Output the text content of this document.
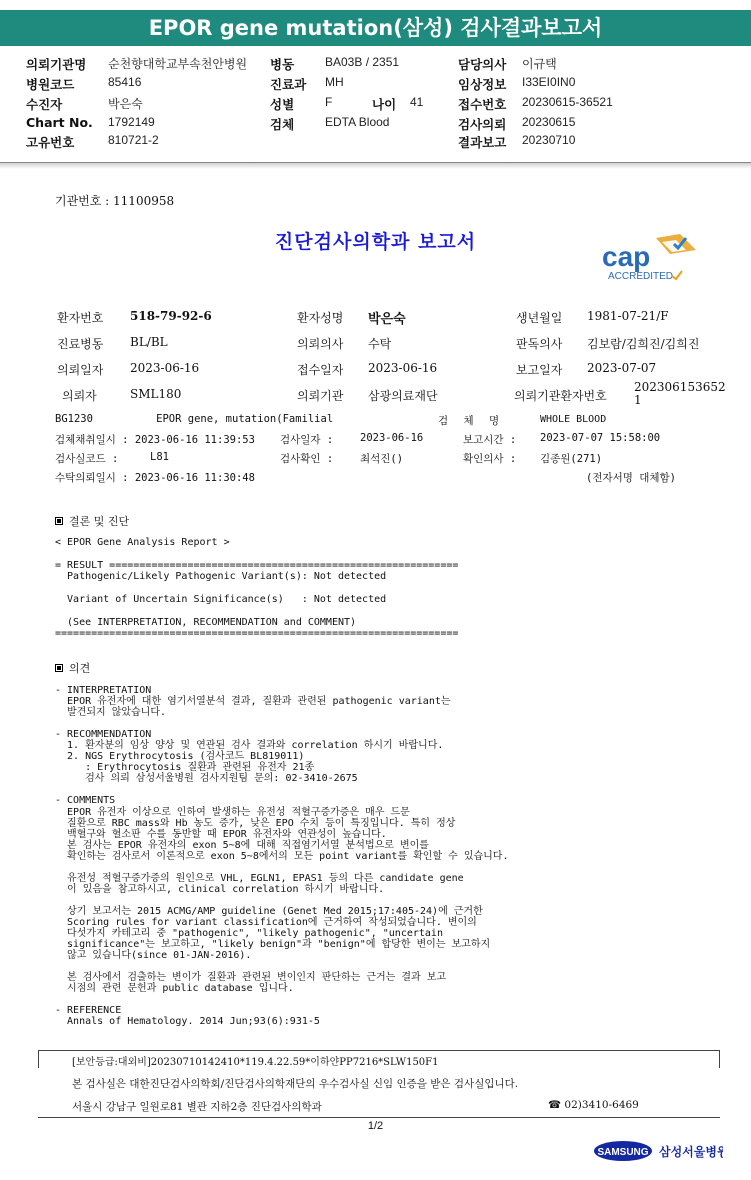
EPOR gene mutation(삼성) 검사결과보고서
의뢰기관명 순천향대학교부속천안병원 병동	BA03B / 2351	담당의사 이규택
병원코드	85416	진료과 MH	임상정보 I33EI0IN0
수진자	박은숙	성별	F	나이 41	접수번호 20230615-36521
Chart No. 1792149	검체	EDTA Blood	검사의뢰 20230615
고유번호	810721-2	결과보고 20230710
기관번호 : 11100958
진단검사의학과 보고서	cap
ACCREDITED
환자번호 518-79-92-6	환자성명 박은숙	생년월일 1981-07-21/F
진료병동 BL/BL	의뢰의사 수탁	판독의사 김보람/김희진/김희진
의뢰일자 2023-06-16	접수일자 2023-06-16	보고일자 2023-07-07
의뢰자	SML180	의뢰기관 삼광의료재단	의뢰기관환자번호
202306153652
1
BG1230          EPOR gene, mutation(Familial	검 체 명	WHOLE BLOOD
검체채취일시 : 2023-06-16 11:39:53 검사일자 :	2023-06-16	보고시간 : 2023-07-07 15:58:00
검사실코드 :	L81	검사확인 :	최석진()	확인의사 : 김종원(271)
수탁의뢰일시 : 2023-06-16 11:30:48	(전자서명 대체함)
결론 및 진단
< EPOR Gene Analysis Report >

= RESULT ==========================================================
Pathogenic/Likely Pathogenic Variant(s): Not detected

Variant of Uncertain Significance(s)   : Not detected

(See INTERPRETATION, RECOMMENDATION and COMMENT)
===================================================================
의견
- INTERPRETATION
EPOR 유전자에 대한 염기서열분석 결과, 질환과 관련된 pathogenic variant는
발견되지 않았습니다.

- RECOMMENDATION
1. 환자분의 임상 양상 및 연관된 검사 결과와 correlation 하시기 바랍니다.
2. NGS Erythrocytosis (검사코드 BL819011)
: Erythrocytosis 질환과 관련된 유전자 21종
검사 의뢰 삼성서울병원 검사지원팀 문의: 02-3410-2675

- COMMENTS
EPOR 유전자 이상으로 인하여 발생하는 유전성 적혈구증가증은 매우 드문
질환으로 RBC mass와 Hb 농도 증가, 낮은 EPO 수치 등이 특징입니다. 특히 정상
백혈구와 혈소판 수를 동반할 때 EPOR 유전자와 연관성이 높습니다.
본 검사는 EPOR 유전자의 exon 5~8에 대해 직접염기서열 분석법으로 변이를
확인하는 검사로서 이론적으로 exon 5~8에서의 모든 point variant를 확인할 수 있습니다.

유전성 적혈구증가증의 원인으로 VHL, EGLN1, EPAS1 등의 다른 candidate gene
이 있음을 참고하시고, clinical correlation 하시기 바랍니다.

상기 보고서는 2015 ACMG/AMP guideline (Genet Med 2015;17:405-24)에 근거한
Scoring rules for variant classification에 근거하여 작성되었습니다. 변이의
다섯가지 카테고리 중 "pathogenic", "likely pathogenic", "uncertain
significance"는 보고하고, "likely benign"과 "benign"에 합당한 변이는 보고하지
않고 있습니다(since 01-JAN-2016).

본 검사에서 검출하는 변이가 질환과 관련된 변이인지 판단하는 근거는 결과 보고
시점의 관련 문헌과 public database 입니다.

- REFERENCE
Annals of Hematology. 2014 Jun;93(6):931-5
[보안등급:대외비]20230710142410*119.4.22.59*이하얀PP7216*SLW150F1
본 검사실은 대한진단검사의학회/진단검사의학재단의 우수검사실 신임 인증을 받은 검사실입니다.
서울시 강남구 일원로81 별관 지하2층 진단검사의학과	☎ 02)3410-6469
1/2
SAMSUNG 삼성서울병원
